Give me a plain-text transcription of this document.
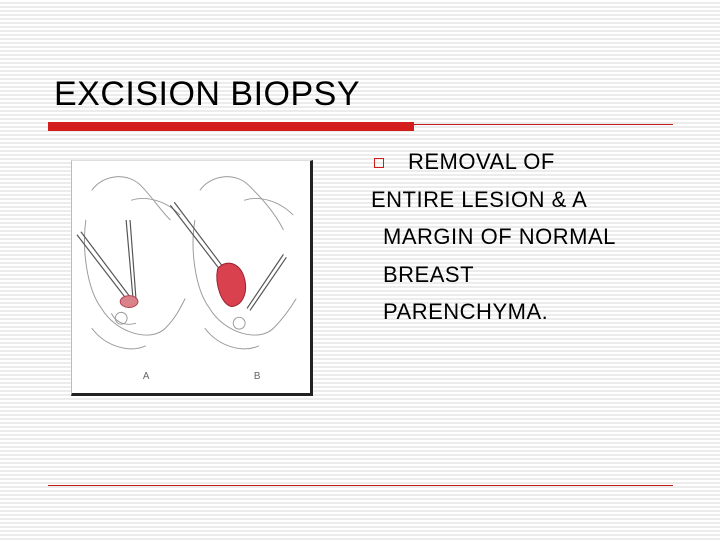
EXCISION BIOPSY
A	B
REMOVAL OF
ENTIRE LESION & A
MARGIN OF NORMAL
BREAST
PARENCHYMA.
